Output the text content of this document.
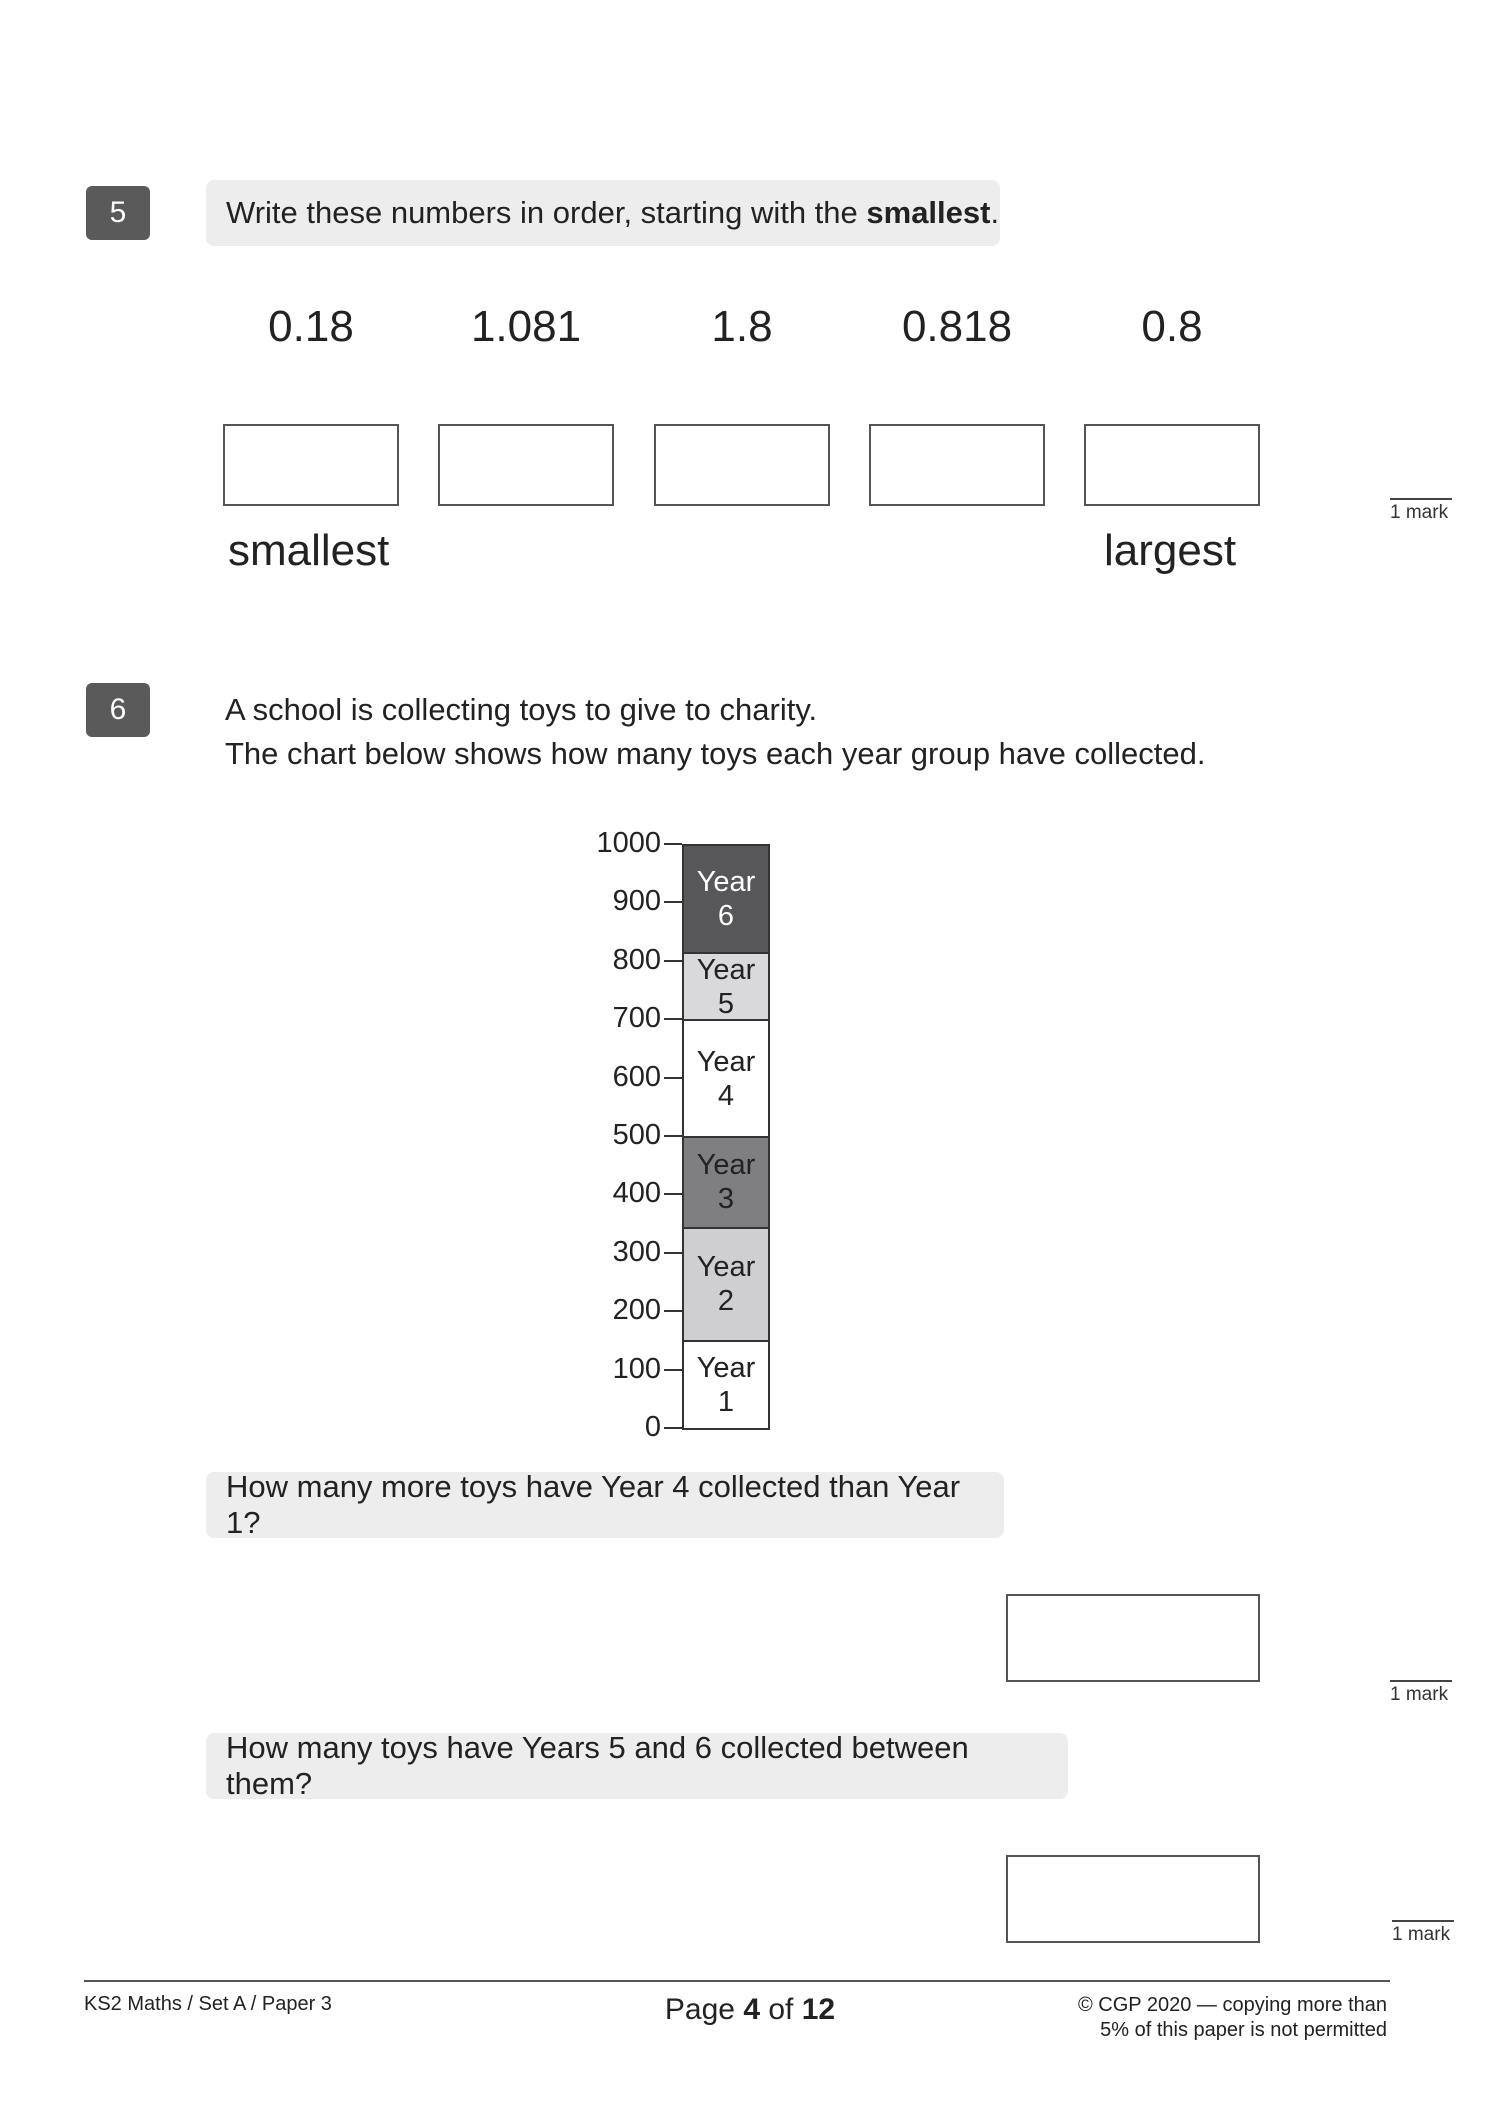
5	Write these numbers in order, starting with the smallest .
0.18	1.081	1.8	0.818	0.8
smallest	largest
1 mark
6	A school is collecting toys to give to charity.
The chart below shows how many toys each year group have collected.
1000
900
800
700
600
500
400
300
200
100
0
Year
1
Year
2
Year
3
Year
4
Year
5
Year
6
How many more toys have Year 4 collected than Year 1?
1 mark
How many toys have Years 5 and 6 collected between them?
1 mark
KS2 Maths / Set A / Paper 3	Page 4 of 12	© CGP 2020 — copying more than
5% of this paper is not permitted
